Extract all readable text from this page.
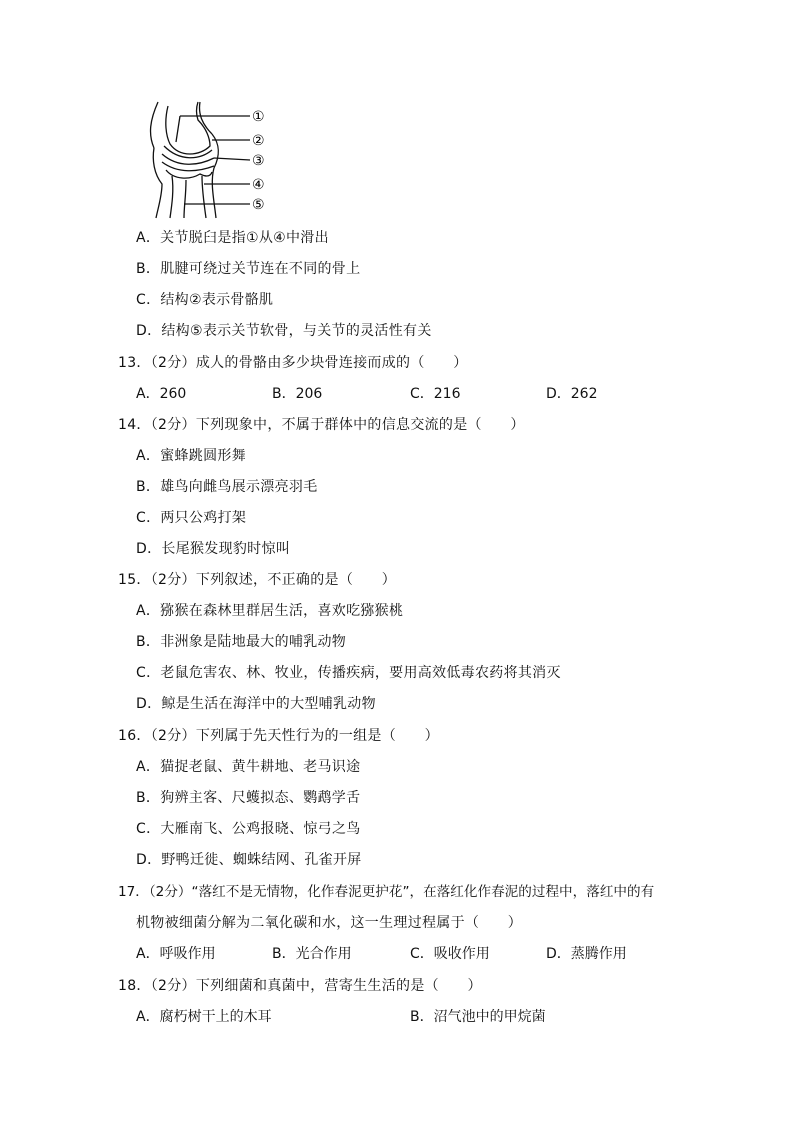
①
②
③
④
⑤
A．关节脱臼是指①从④中滑出
B．肌腱可绕过关节连在不同的骨上
C．结构②表示骨骼肌
D．结构⑤表示关节软骨，与关节的灵活性有关
13．（2分）成人的骨骼由多少块骨连接而成的（　　）
A．260	B．206	C．216	D．262
14．（2分）下列现象中，不属于群体中的信息交流的是（　　）
A．蜜蜂跳圆形舞
B．雄鸟向雌鸟展示漂亮羽毛
C．两只公鸡打架
D．长尾猴发现豹时惊叫
15．（2分）下列叙述，不正确的是（　　）
A．猕猴在森林里群居生活，喜欢吃猕猴桃
B．非洲象是陆地最大的哺乳动物
C．老鼠危害农、林、牧业，传播疾病，要用高效低毒农药将其消灭
D．鲸是生活在海洋中的大型哺乳动物
16．（2分）下列属于先天性行为的一组是（　　）
A．猫捉老鼠、黄牛耕地、老马识途
B．狗辨主客、尺蠖拟态、鹦鹉学舌
C．大雁南飞、公鸡报晓、惊弓之鸟
D．野鸭迁徙、蜘蛛结网、孔雀开屏
17．（2分）“落红不是无情物，化作春泥更护花”，在落红化作春泥的过程中，落红中的有
机物被细菌分解为二氧化碳和水，这一生理过程属于（　　）
A．呼吸作用	B．光合作用	C．吸收作用	D．蒸腾作用
18．（2分）下列细菌和真菌中，营寄生生活的是（　　）
A．腐朽树干上的木耳	B．沼气池中的甲烷菌
